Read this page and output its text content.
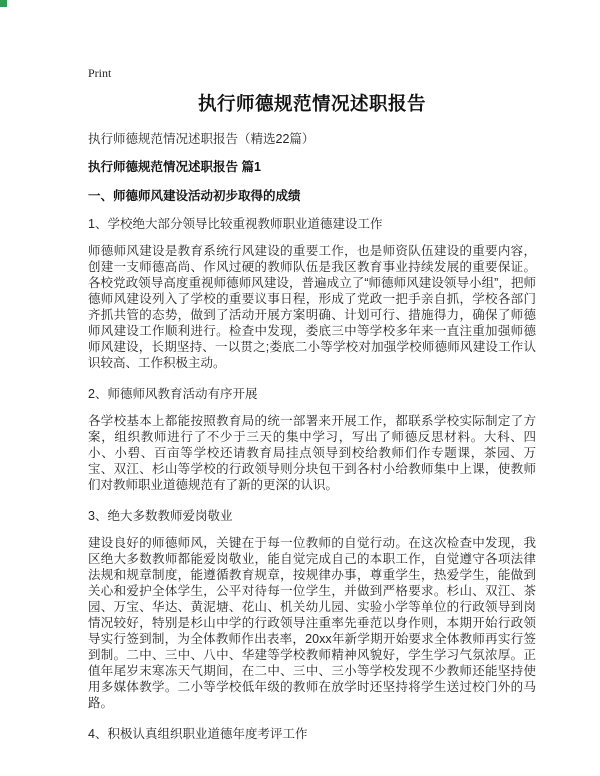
Print
执行师德规范情况述职报告

执行师德规范情况述职报告（精选22篇）

执行师德规范情况述职报告 篇1
一、师德师风建设活动初步取得的成绩
1、学校绝大部分领导比较重视教师职业道德建设工作

师德师风建设是教育系统行风建设的重要工作，也是师资队伍建设的重要内容，创建一支师德高尚、作风过硬的教师队伍是我区教育事业持续发展的重要保证。各校党政领导高度重视师德师风建设，普遍成立了“师德师风建设领导小组”，把师德师风建设列入了学校的重要议事日程，形成了党政一把手亲自抓，学校各部门齐抓共管的态势，做到了活动开展方案明确、计划可行、措施得力，确保了师德师风建设工作顺利进行。检查中发现，娄底三中等学校多年来一直注重加强师德师风建设，长期坚持、一以贯之;娄底二小等学校对加强学校师德师风建设工作认识较高、工作积极主动。

2、师德师风教育活动有序开展

各学校基本上都能按照教育局的统一部署来开展工作，都联系学校实际制定了方案，组织教师进行了不少于三天的集中学习，写出了师德反思材料。大科、四小、小碧、百亩等学校还请教育局挂点领导到校给教师们作专题课，茶园、万宝、双江、杉山等学校的行政领导则分块包干到各村小给教师集中上课，使教师们对教师职业道德规范有了新的更深的认识。

3、绝大多数教师爱岗敬业

建设良好的师德师风，关键在于每一位教师的自觉行动。在这次检查中发现，我区绝大多数教师都能爱岗敬业，能自觉完成自己的本职工作，自觉遵守各项法律法规和规章制度，能遵循教育规章，按规律办事，尊重学生，热爱学生，能做到关心和爱护全体学生，公平对待每一位学生，并做到严格要求。杉山、双江、茶园、万宝、华达、黄泥塘、花山、机关幼儿园、实验小学等单位的行政领导到岗情况较好，特别是杉山中学的行政领导注重率先垂范以身作则，本期开始行政领导实行签到制，为全体教师作出表率，20xx年新学期开始要求全体教师再实行签到制。二中、三中、八中、华建等学校教师精神风貌好，学生学习气氛浓厚。正值年尾岁末寒冻天气期间，在二中、三中、三小等学校发现不少教师还能坚持使用多媒体教学。二小等学校低年级的教师在放学时还坚持将学生送过校门外的马路。

4、积极认真组织职业道德年度考评工作
